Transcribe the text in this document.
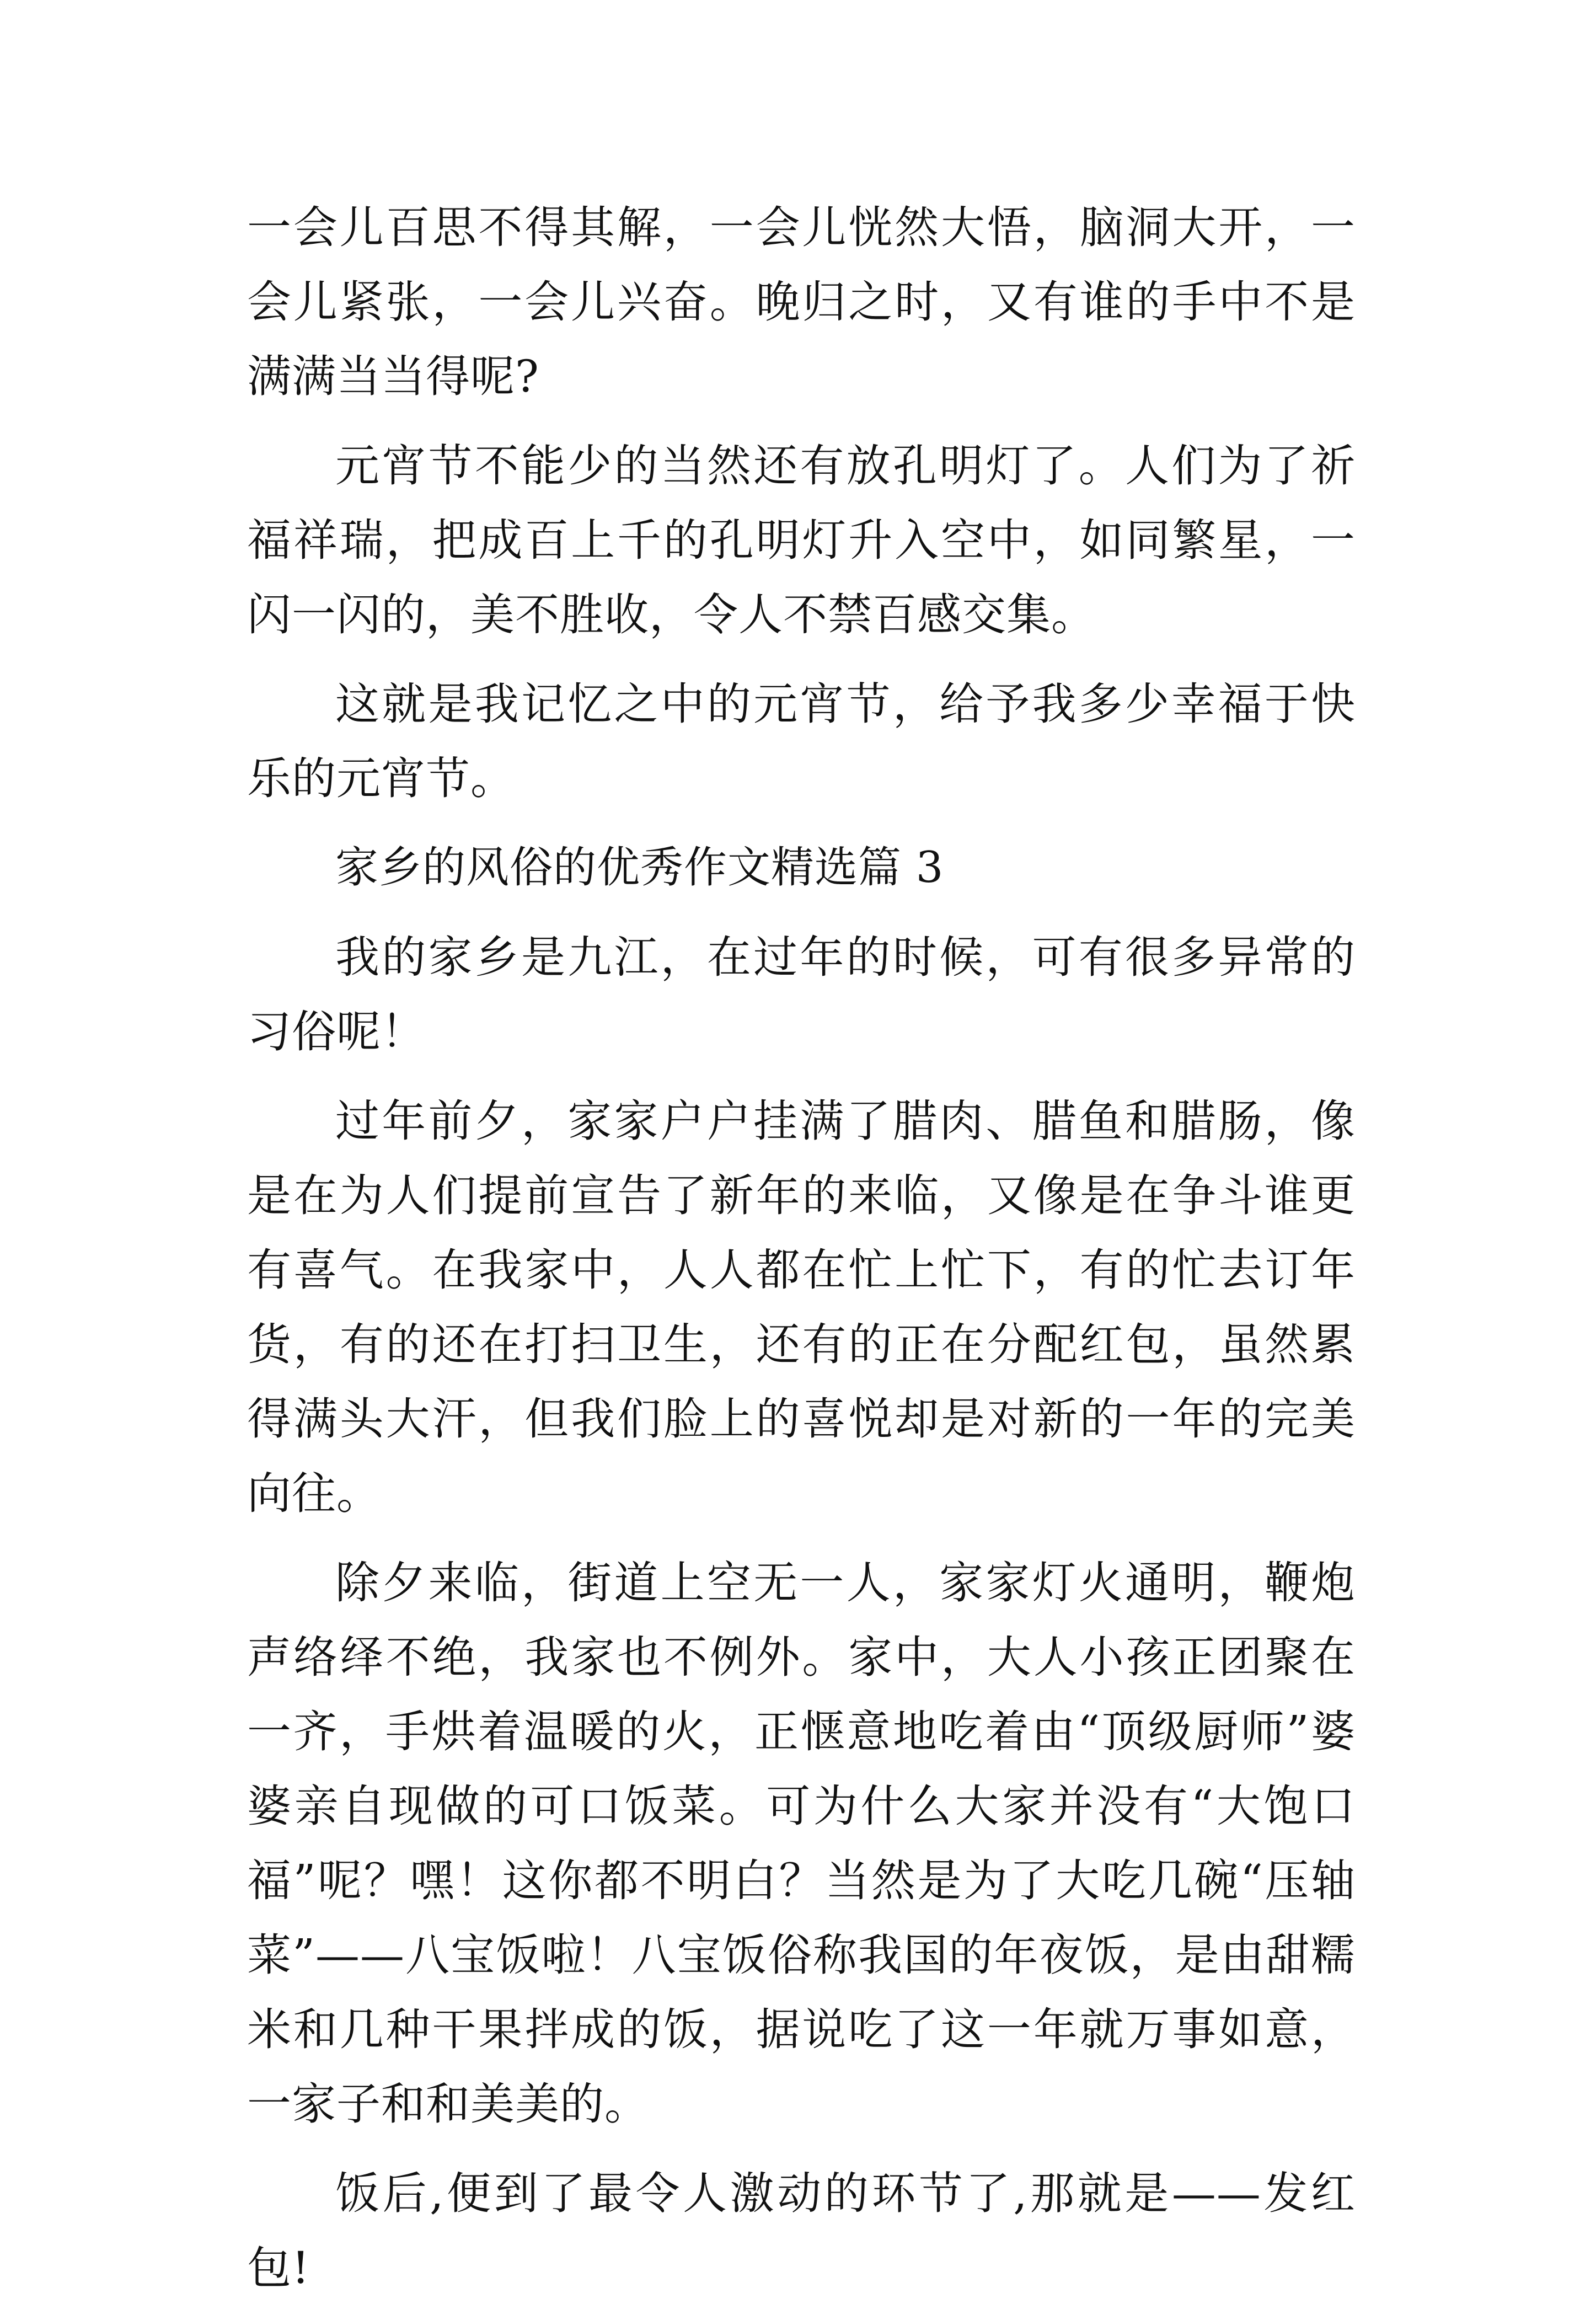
一会儿百思不得其解，一会儿恍然大悟，脑洞大开，一会儿紧张，一会儿兴奋。晚归之时，又有谁的手中不是满满当当得呢?

元宵节不能少的当然还有放孔明灯了。人们为了祈福祥瑞，把成百上千的孔明灯升入空中，如同繁星，一闪一闪的，美不胜收，令人不禁百感交集。

这就是我记忆之中的元宵节，给予我多少幸福于快乐的元宵节。

家乡的风俗的优秀作文精选篇 3

我的家乡是九江，在过年的时候，可有很多异常的习俗呢！

过年前夕，家家户户挂满了腊肉、腊鱼和腊肠，像是在为人们提前宣告了新年的来临，又像是在争斗谁更有喜气。在我家中，人人都在忙上忙下，有的忙去订年货，有的还在打扫卫生，还有的正在分配红包，虽然累得满头大汗，但我们脸上的喜悦却是对新的一年的完美向往。

除夕来临，街道上空无一人，家家灯火通明，鞭炮声络绎不绝，我家也不例外。家中，大人小孩正团聚在一齐，手烘着温暖的火，正惬意地吃着由“顶级厨师”婆婆亲自现做的可口饭菜。可为什么大家并没有“大饱口福”呢？嘿！这你都不明白？当然是为了大吃几碗“压轴菜”——八宝饭啦！八宝饭俗称我国的年夜饭，是由甜糯米和几种干果拌成的饭，据说吃了这一年就万事如意，一家子和和美美的。

饭后,便到了最令人激动的环节了,那就是——发红包!
